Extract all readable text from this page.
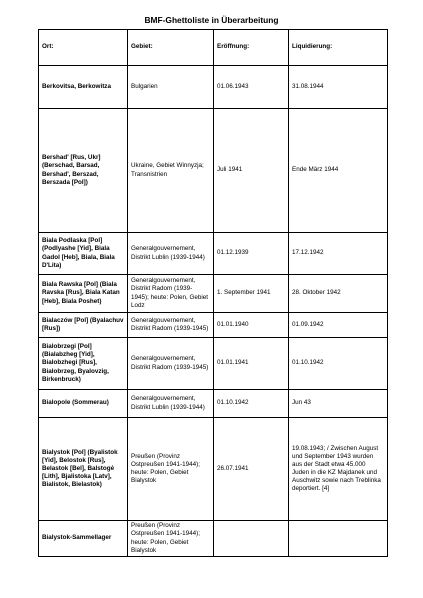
BMF-Ghettoliste in Überarbeitung
Ort:	Gebiet:	Eröffnung:	Liquidierung:
Berkovitsa, Berkowitza	Bulgarien	01.06.1943	31.08.1944
Bershad' [Rus, Ukr] (Berschad, Barsad, Bershad', Berszad, Berszada [Pol])	Ukraine, Gebiet Winnyzja; Transnistrien	Juli 1941	Ende März 1944
Biala Podlaska [Pol] (Podlyashe [Yid], Biala Gadol [Heb], Biala, Biala D'Lita)	Generalgouvernement, Distrikt Lublin (1939-1944)	01.12.1939	17.12.1942
Biala Rawska [Pol] (Biala Ravska [Rus], Biala Katan [Heb], Biala Poshet)	Generalgouvernement, Distrikt Radom (1939-1945); heute: Polen, Gebiet Lodz	1. September 1941	28. Oktober 1942
Bialaczów [Pol] (Byalachuv [Rus])	Generalgouvernement, Distrikt Radom (1939-1945)	01.01.1940	01.09.1942
Bialobrzegi [Pol] (Bialabzheg [Yid], Bialobzhegi [Rus], Bialobrzeg, Byalovzig, Birkenbruck)	Generalgouvernement, Distrikt Radom (1939-1945)	01.01.1941	01.10.1942
Bialopole (Sommerau)	Generalgouvernement, Distrikt Lublin (1939-1944)	01.10.1942	Jun 43
Bialystok [Pol] (Byalistok [Yid], Belostok [Rus], Belastok [Bel], Balstogė [Lith], Bjalistoka [Latv], Bialistok, Bielastok)	Preußen (Provinz Ostpreußen 1941-1944); heute: Polen, Gebiet Bialystok	26.07.1941	19.08.1943; / Zwischen August und September 1943 wurden aus der Stadt etwa 45.000 Juden in die KZ Majdanek und Auschwitz sowie nach Treblinka deportiert. [4]
Bialystok-Sammellager	Preußen (Provinz Ostpreußen 1941-1944); heute: Polen, Gebiet Bialystok		
